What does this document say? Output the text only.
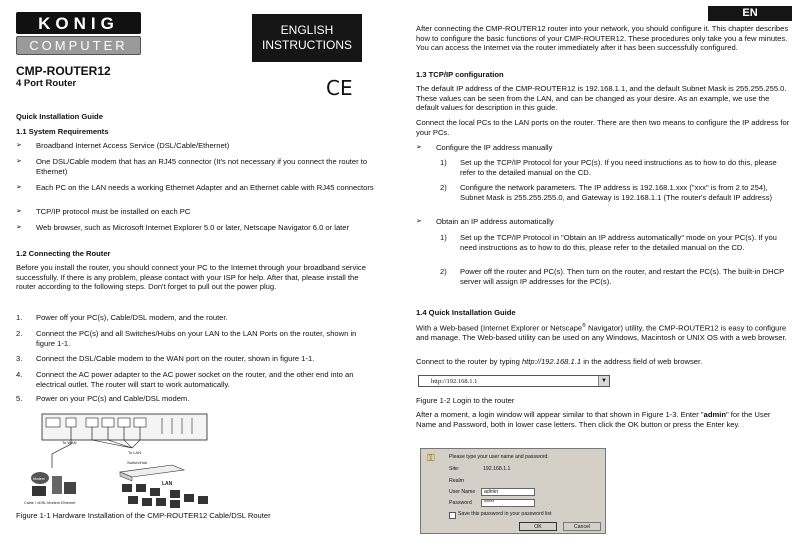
KONIG
COMPUTER
ENGLISH
INSTRUCTIONS
CMP-ROUTER12
4 Port Router	CE
Quick Installation Guide
1.1 System Requirements
➢ Broadband Internet Access Service (DSL/Cable/Ethernet)
➢ One DSL/Cable modem that has an RJ45 connector (It's not necessary if you connect the router to Ethernet)
➢ Each PC on the LAN needs a working Ethernet Adapter and an Ethernet cable with RJ45 connectors
➢ TCP/IP protocol must be installed on each PC
➢ Web browser, such as Microsoft Internet Explorer 5.0 or later, Netscape Navigator 6.0 or later
1.2 Connecting the Router
Before you install the router, you should connect your PC to the Internet through your broadband service successfully. If there is any problem, please contact with your ISP for help. After that, please install the router according to the following steps. Don't forget to pull out the power plug.
1. Power off your PC(s), Cable/DSL modem, and the router.
2. Connect the PC(s) and all Switches/Hubs on your LAN to the LAN Ports on the router, shown in figure 1-1.
3. Connect the DSL/Cable modem to the WAN port on the router, shown in figure 1-1.
4. Connect the AC power adapter to the AC power socket on the router, and the other end into an electrical outlet. The router will start to work automatically.
5. Power on your PC(s) and Cable/DSL modem.
To WAN
To LAN
Switch/Hub
LAN
Modem
Cable / xDSL Modem Ethernet
Figure 1-1 Hardware Installation of the CMP-ROUTER12 Cable/DSL Router
EN
After connecting the CMP-ROUTER12 router into your network, you should configure it. This chapter describes how to configure the basic functions of your CMP-ROUTER12. These procedures only take you a few minutes. You can access the Internet via the router immediately after it has been successfully configured.
1.3 TCP/IP configuration
The default IP address of the CMP-ROUTER12 is 192.168.1.1, and the default Subnet Mask is 255.255.255.0. These values can be seen from the LAN, and can be changed as your desire. As an example, we use the default values for description in this guide.
Connect the local PCs to the LAN ports on the router. There are then two means to configure the IP address for your PCs.
➢ Configure the IP address manually
1) Set up the TCP/IP Protocol for your PC(s). If you need instructions as to how to do this, please refer to the detailed manual on the CD.
2) Configure the network parameters. The IP address is 192.168.1.xxx ("xxx" is from 2 to 254), Subnet Mask is 255.255.255.0, and Gateway is 192.168.1.1 (The router's default IP address)
➢ Obtain an IP address automatically
1) Set up the TCP/IP Protocol in "Obtain an IP address automatically" mode on your PC(s). If you need instructions as to how to do this, please refer to the detailed manual on the CD.
2) Power off the router and PC(s). Then turn on the router, and restart the PC(s). The built-in DHCP server will assign IP addresses for the PC(s).
1.4 Quick Installation Guide
With a Web-based (Internet Explorer or Netscape® Navigator) utility, the CMP-ROUTER12 is easy to configure and manage. The Web-based utility can be used on any Windows, Macintosh or UNIX OS with a web browser.
Connect to the router by typing http://192.168.1.1 in the address field of web browser.
http://192.168.1.1	▼
Figure 1-2 Login to the router
After a moment, a login window will appear similar to that shown in Figure 1-3. Enter "admin" for the User Name and Password, both in lower case letters. Then click the OK button or press the Enter key.
⚿	Please type your user name and password.
Site:	192.168.1.1
Realm
User Name	admin
Password	*****
Save this password in your password list
OK	Cancel
